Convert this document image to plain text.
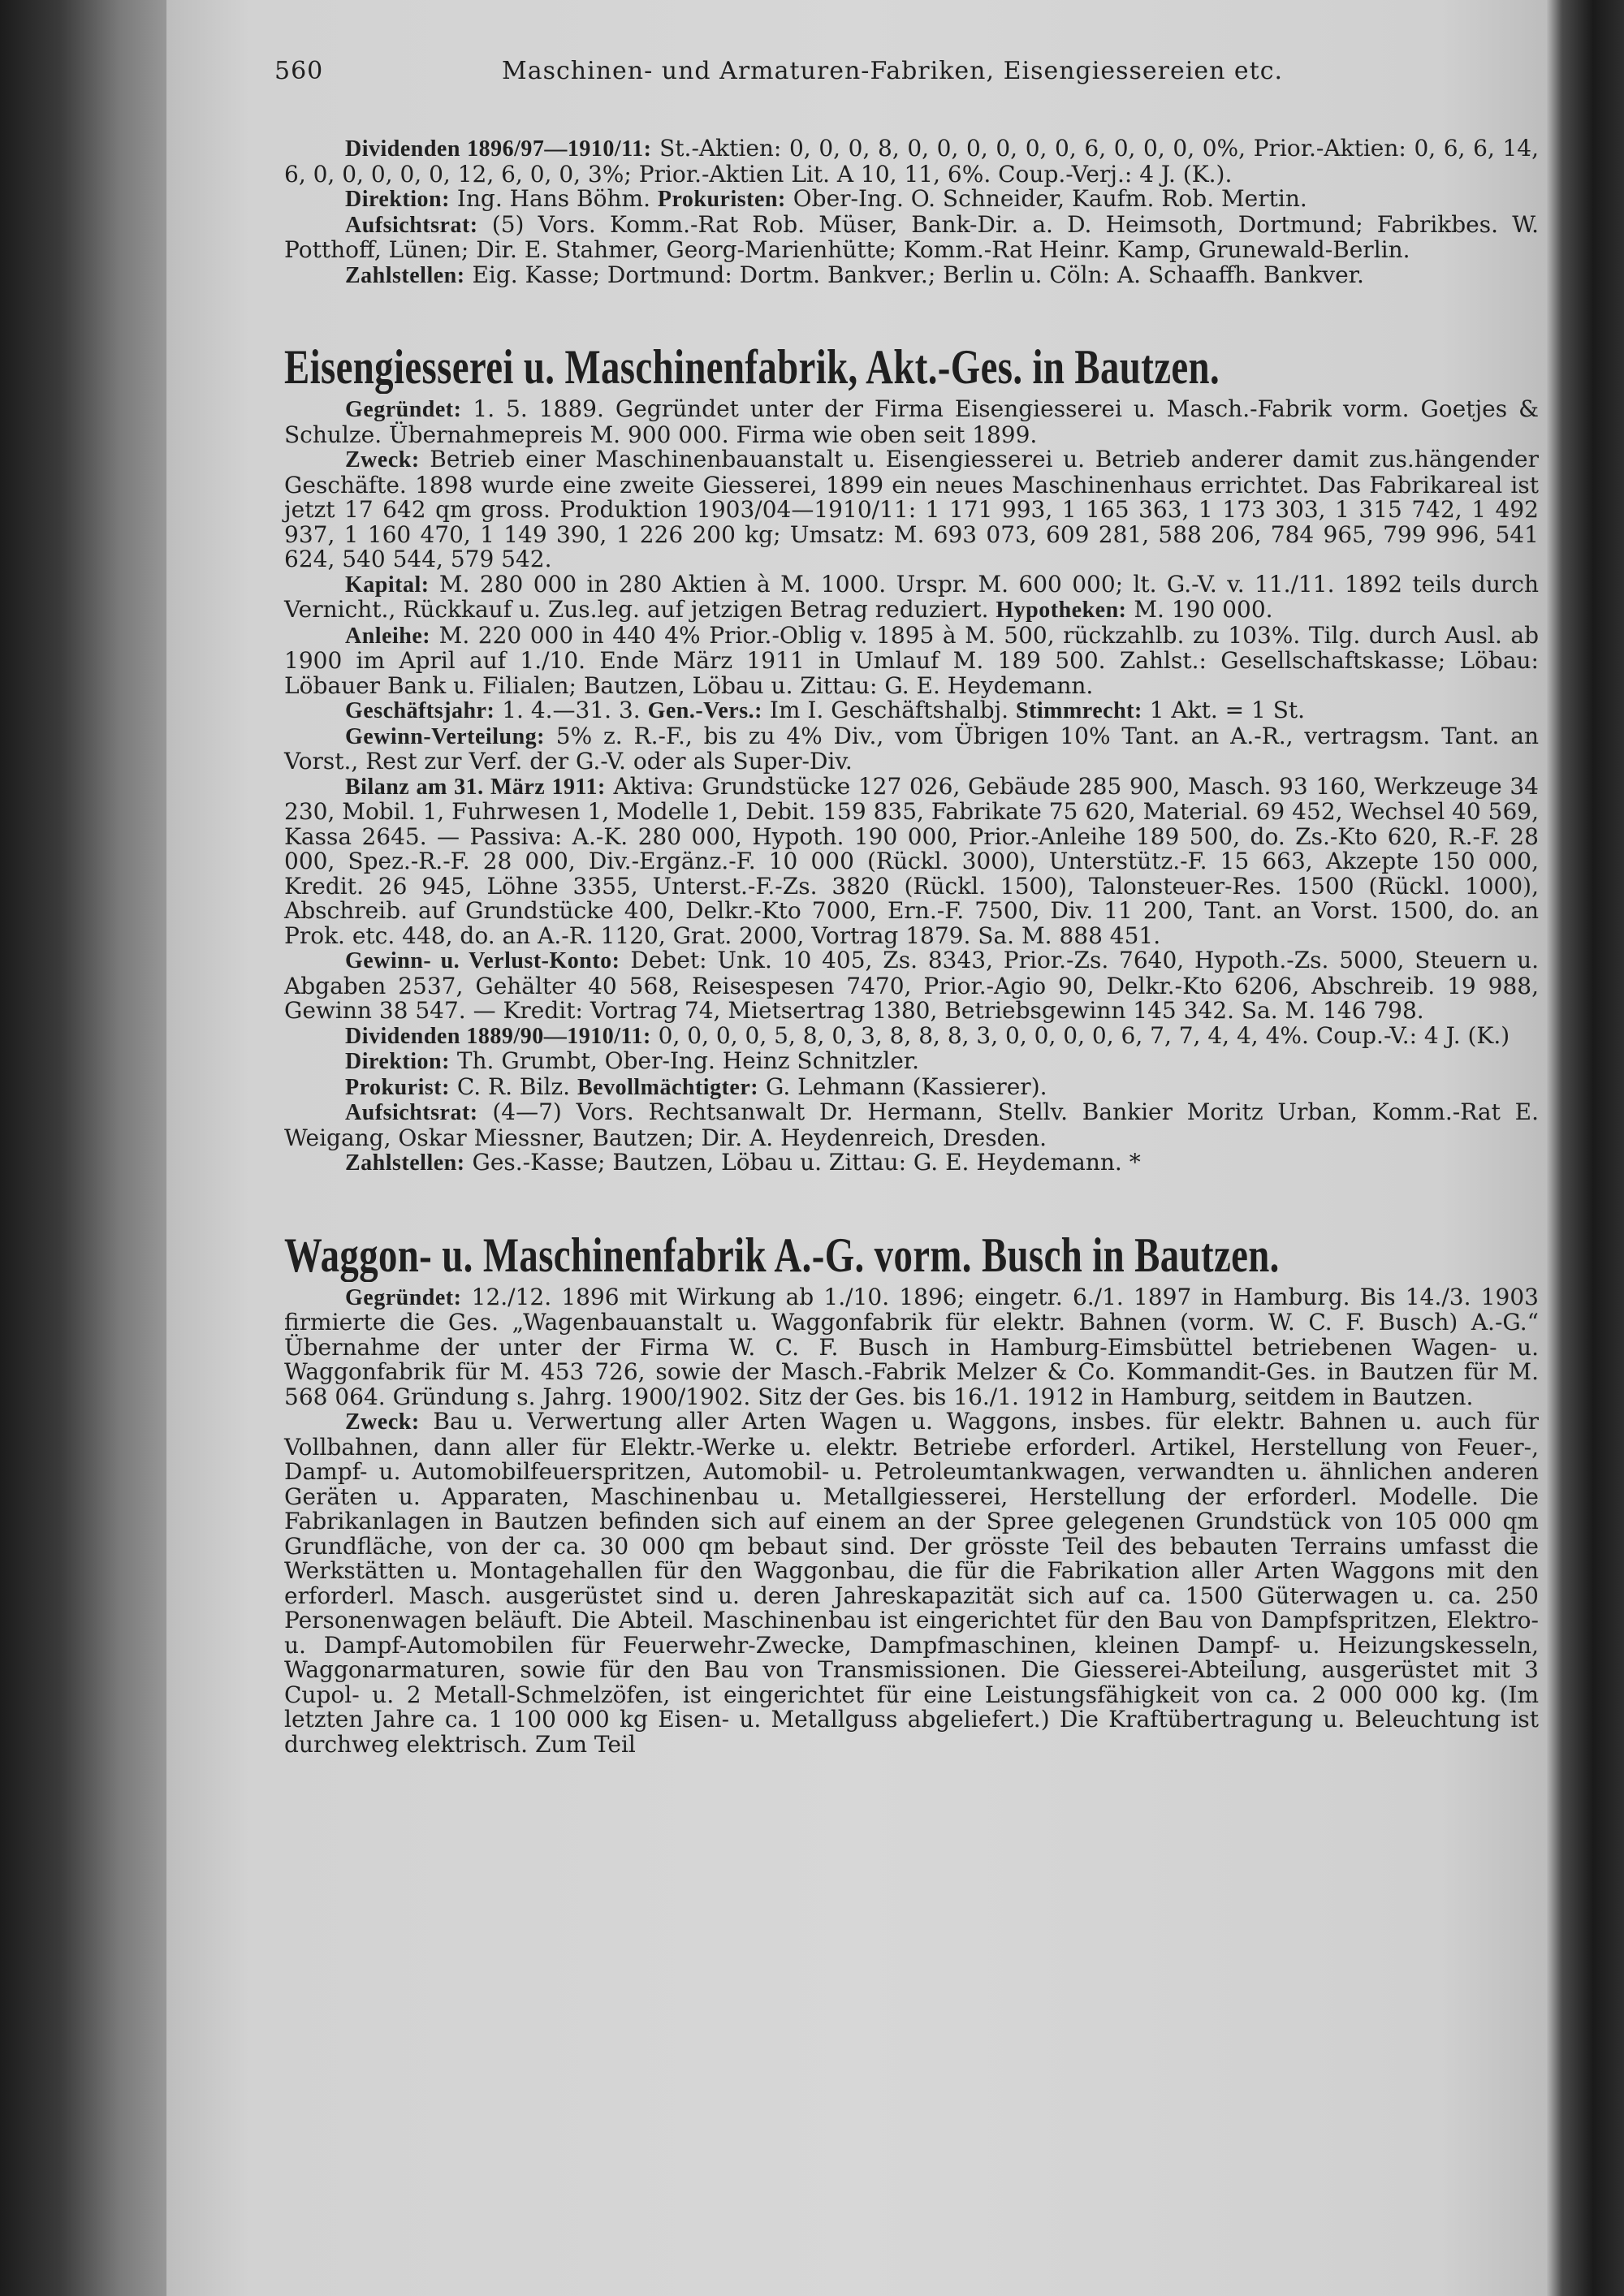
560	Maschinen- und Armaturen-Fabriken, Eisengiessereien etc.
Dividenden 1896/97—1910/11: St.-Aktien: 0, 0, 0, 8, 0, 0, 0, 0, 0, 0, 6, 0, 0, 0, 0%, Prior.-Aktien: 0, 6, 6, 14, 6, 0, 0, 0, 0, 0, 12, 6, 0, 0, 3%; Prior.-Aktien Lit. A 10, 11, 6%. Coup.-Verj.: 4 J. (K.).
Direktion: Ing. Hans Böhm. Prokuristen: Ober-Ing. O. Schneider, Kaufm. Rob. Mertin.
Aufsichtsrat: (5) Vors. Komm.-Rat Rob. Müser, Bank-Dir. a. D. Heimsoth, Dortmund; Fabrikbes. W. Potthoff, Lünen; Dir. E. Stahmer, Georg-Marienhütte; Komm.-Rat Heinr. Kamp, Grunewald-Berlin.
Zahlstellen: Eig. Kasse; Dortmund: Dortm. Bankver.; Berlin u. Cöln: A. Schaaffh. Bankver.
Eisengiesserei u. Maschinenfabrik, Akt.-Ges. in Bautzen.
Gegründet: 1. 5. 1889. Gegründet unter der Firma Eisengiesserei u. Masch.-Fabrik vorm. Goetjes & Schulze. Übernahmepreis M. 900 000. Firma wie oben seit 1899.
Zweck: Betrieb einer Maschinenbauanstalt u. Eisengiesserei u. Betrieb anderer damit zus.hängender Geschäfte. 1898 wurde eine zweite Giesserei, 1899 ein neues Maschinenhaus errichtet. Das Fabrikareal ist jetzt 17 642 qm gross. Produktion 1903/04—1910/11: 1 171 993, 1 165 363, 1 173 303, 1 315 742, 1 492 937, 1 160 470, 1 149 390, 1 226 200 kg; Umsatz: M. 693 073, 609 281, 588 206, 784 965, 799 996, 541 624, 540 544, 579 542.
Kapital: M. 280 000 in 280 Aktien à M. 1000. Urspr. M. 600 000; lt. G.-V. v. 11./11. 1892 teils durch Vernicht., Rückkauf u. Zus.leg. auf jetzigen Betrag reduziert. Hypotheken: M. 190 000.
Anleihe: M. 220 000 in 440 4% Prior.-Oblig v. 1895 à M. 500, rückzahlb. zu 103%. Tilg. durch Ausl. ab 1900 im April auf 1./10. Ende März 1911 in Umlauf M. 189 500. Zahlst.: Gesellschaftskasse; Löbau: Löbauer Bank u. Filialen; Bautzen, Löbau u. Zittau: G. E. Heydemann.
Geschäftsjahr: 1. 4.—31. 3. Gen.-Vers.: Im I. Geschäftshalbj. Stimmrecht: 1 Akt. = 1 St.
Gewinn-Verteilung: 5% z. R.-F., bis zu 4% Div., vom Übrigen 10% Tant. an A.-R., vertragsm. Tant. an Vorst., Rest zur Verf. der G.-V. oder als Super-Div.
Bilanz am 31. März 1911: Aktiva: Grundstücke 127 026, Gebäude 285 900, Masch. 93 160, Werkzeuge 34 230, Mobil. 1, Fuhrwesen 1, Modelle 1, Debit. 159 835, Fabrikate 75 620, Material. 69 452, Wechsel 40 569, Kassa 2645. — Passiva: A.-K. 280 000, Hypoth. 190 000, Prior.-Anleihe 189 500, do. Zs.-Kto 620, R.-F. 28 000, Spez.-R.-F. 28 000, Div.-Ergänz.-F. 10 000 (Rückl. 3000), Unterstütz.-F. 15 663, Akzepte 150 000, Kredit. 26 945, Löhne 3355, Unterst.-F.-Zs. 3820 (Rückl. 1500), Talonsteuer-Res. 1500 (Rückl. 1000), Abschreib. auf Grundstücke 400, Delkr.-Kto 7000, Ern.-F. 7500, Div. 11 200, Tant. an Vorst. 1500, do. an Prok. etc. 448, do. an A.-R. 1120, Grat. 2000, Vortrag 1879. Sa. M. 888 451.
Gewinn- u. Verlust-Konto: Debet: Unk. 10 405, Zs. 8343, Prior.-Zs. 7640, Hypoth.-Zs. 5000, Steuern u. Abgaben 2537, Gehälter 40 568, Reisespesen 7470, Prior.-Agio 90, Delkr.-Kto 6206, Abschreib. 19 988, Gewinn 38 547. — Kredit: Vortrag 74, Mietsertrag 1380, Betriebsgewinn 145 342. Sa. M. 146 798.
Dividenden 1889/90—1910/11: 0, 0, 0, 0, 5, 8, 0, 3, 8, 8, 8, 3, 0, 0, 0, 0, 6, 7, 7, 4, 4, 4%. Coup.-V.: 4 J. (K.)
Direktion: Th. Grumbt, Ober-Ing. Heinz Schnitzler.
Prokurist: C. R. Bilz. Bevollmächtigter: G. Lehmann (Kassierer).
Aufsichtsrat: (4—7) Vors. Rechtsanwalt Dr. Hermann, Stellv. Bankier Moritz Urban, Komm.-Rat E. Weigang, Oskar Miessner, Bautzen; Dir. A. Heydenreich, Dresden.
Zahlstellen: Ges.-Kasse; Bautzen, Löbau u. Zittau: G. E. Heydemann. *
Waggon- u. Maschinenfabrik A.-G. vorm. Busch in Bautzen.
Gegründet: 12./12. 1896 mit Wirkung ab 1./10. 1896; eingetr. 6./1. 1897 in Hamburg. Bis 14./3. 1903 firmierte die Ges. „Wagenbauanstalt u. Waggonfabrik für elektr. Bahnen (vorm. W. C. F. Busch) A.-G.“ Übernahme der unter der Firma W. C. F. Busch in Hamburg-Eimsbüttel betriebenen Wagen- u. Waggonfabrik für M. 453 726, sowie der Masch.-Fabrik Melzer & Co. Kommandit-Ges. in Bautzen für M. 568 064. Gründung s. Jahrg. 1900/1902. Sitz der Ges. bis 16./1. 1912 in Hamburg, seitdem in Bautzen.
Zweck: Bau u. Verwertung aller Arten Wagen u. Waggons, insbes. für elektr. Bahnen u. auch für Vollbahnen, dann aller für Elektr.-Werke u. elektr. Betriebe erforderl. Artikel, Herstellung von Feuer-, Dampf- u. Automobilfeuerspritzen, Automobil- u. Petroleumtankwagen, verwandten u. ähnlichen anderen Geräten u. Apparaten, Maschinenbau u. Metallgiesserei, Herstellung der erforderl. Modelle. Die Fabrikanlagen in Bautzen befinden sich auf einem an der Spree gelegenen Grundstück von 105 000 qm Grundfläche, von der ca. 30 000 qm bebaut sind. Der grösste Teil des bebauten Terrains umfasst die Werkstätten u. Montagehallen für den Waggonbau, die für die Fabrikation aller Arten Waggons mit den erforderl. Masch. ausgerüstet sind u. deren Jahreskapazität sich auf ca. 1500 Güterwagen u. ca. 250 Personenwagen beläuft. Die Abteil. Maschinenbau ist eingerichtet für den Bau von Dampfspritzen, Elektro- u. Dampf-Automobilen für Feuerwehr-Zwecke, Dampfmaschinen, kleinen Dampf- u. Heizungskesseln, Waggonarmaturen, sowie für den Bau von Transmissionen. Die Giesserei-Abteilung, ausgerüstet mit 3 Cupol- u. 2 Metall-Schmelzöfen, ist eingerichtet für eine Leistungsfähigkeit von ca. 2 000 000 kg. (Im letzten Jahre ca. 1 100 000 kg Eisen- u. Metallguss abgeliefert.) Die Kraftübertragung u. Beleuchtung ist durchweg elektrisch. Zum Teil
